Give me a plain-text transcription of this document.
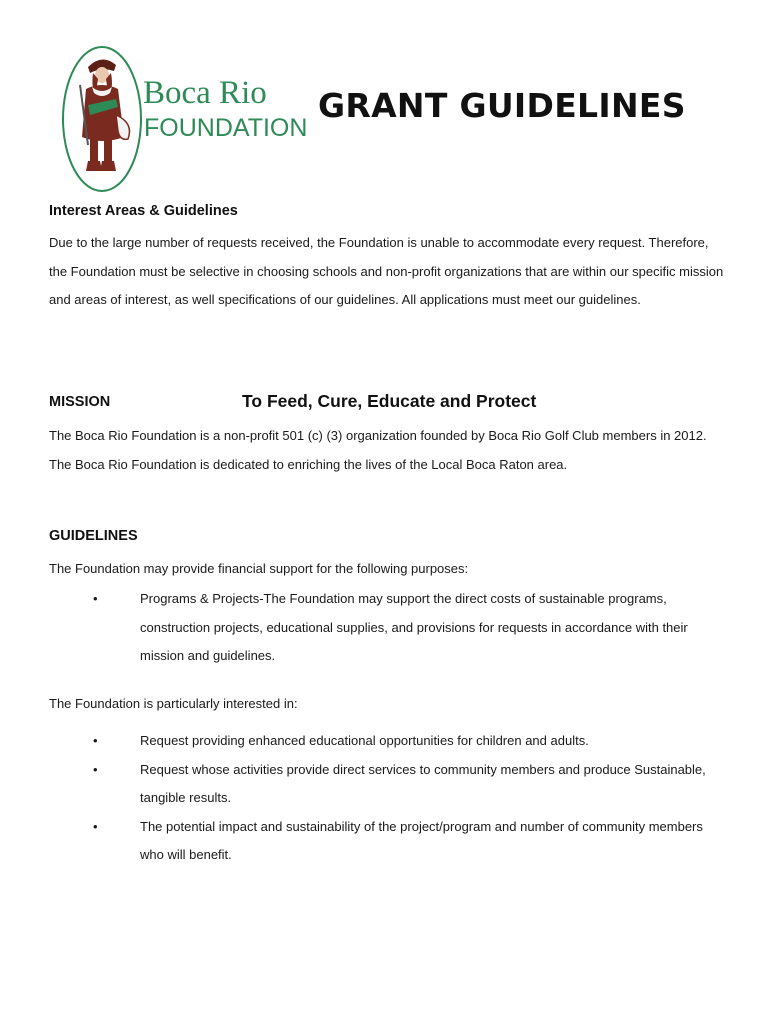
Boca Rio
FOUNDATION
GRANT GUIDELINES
Interest Areas & Guidelines
Due to the large number of requests received, the Foundation is unable to accommodate every request. Therefore, the Foundation must be selective in choosing schools and non-profit organizations that are within our specific mission and areas of interest, as well specifications of our guidelines. All applications must meet our guidelines.
MISSION	To Feed, Cure, Educate and Protect
The Boca Rio Foundation is a non-profit 501 (c) (3) organization founded by Boca Rio Golf Club members in 2012. The Boca Rio Foundation is dedicated to enriching the lives of the Local Boca Raton area.
GUIDELINES
The Foundation may provide financial support for the following purposes:
•	Programs & Projects-The Foundation may support the direct costs of sustainable programs, construction projects, educational supplies, and provisions for requests in accordance with their mission and guidelines.
The Foundation is particularly interested in:
•	Request providing enhanced educational opportunities for children and adults.
•	Request whose activities provide direct services to community members and produce Sustainable, tangible results.
•	The potential impact and sustainability of the project/program and number of community members who will benefit.
